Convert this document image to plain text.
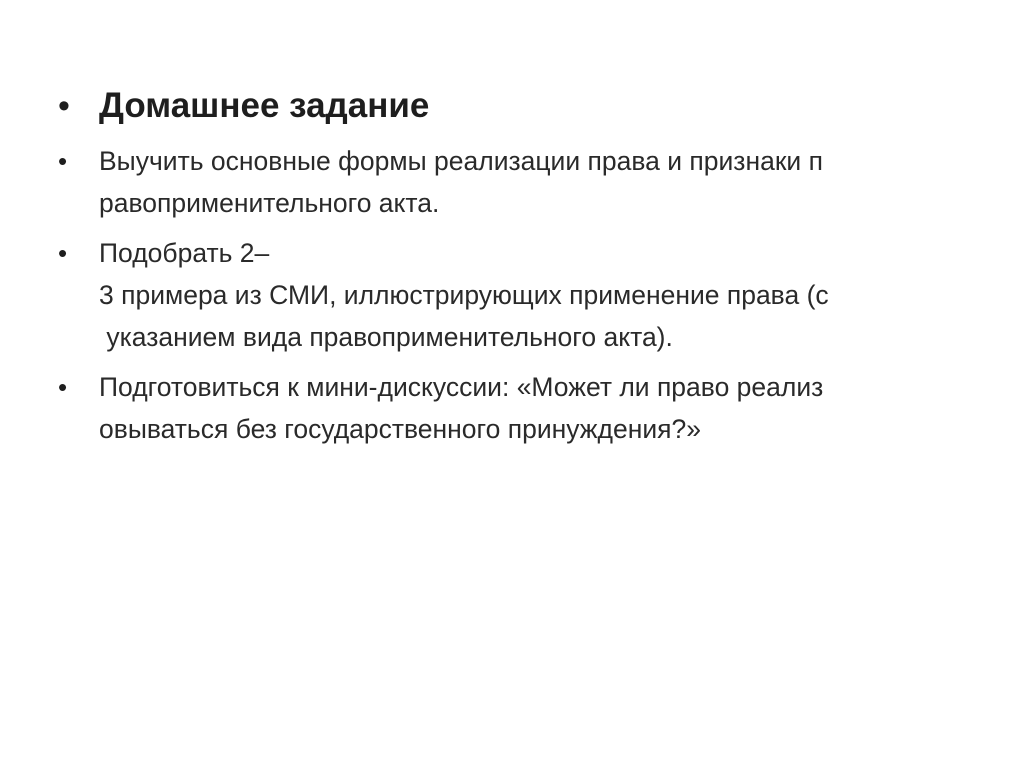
• Домашнее задание
•	Выучить основные формы реализации права и признаки п
равоприменительного акта.
•	Подобрать 2–
3 примера из СМИ, иллюстрирующих применение права (с
указанием вида правоприменительного акта).
•	Подготовиться к мини-дискуссии: «Может ли право реализ
овываться без государственного принуждения?»
